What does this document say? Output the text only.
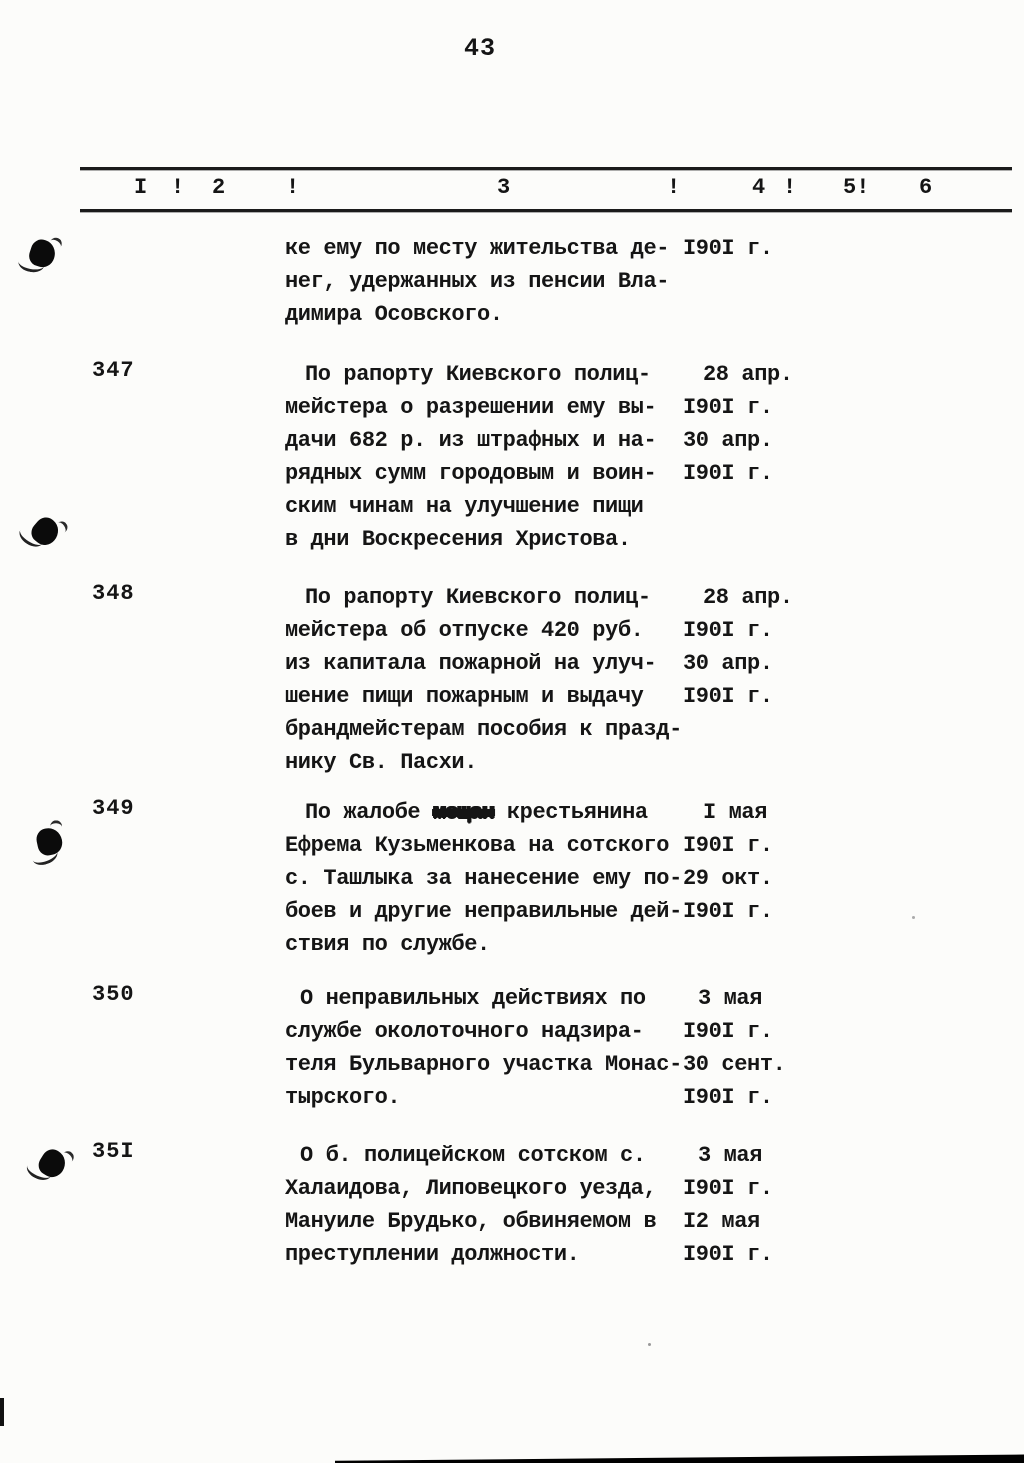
43
I ! 2	!	3	!	4 ! 5! 6
ке ему по месту жительства де- I90I г.
нег, удержанных из пенсии Вла-
димира Осовского.
347	По рапорту Киевского полиц- 28 апр.
мейстера о разрешении ему вы- I90I г.
дачи 682 р. из штрафных и на- 30 апр.
рядных сумм городовым и воин- I90I г.
ским чинам на улучшение пищи
в дни Воскресения Христова.
348	По рапорту Киевского полиц- 28 апр.
мейстера об отпуске 420 руб. I90I г.
из капитала пожарной на улуч- 30 апр.
шение пищи пожарным и выдачу I90I г.
брандмейстерам пособия к празд-
нику Св. Пасхи.
349	По жалобе мещан крестьянина	I мая
Ефрема Кузьменкова на сотского I90I г.
с. Ташлыка за нанесение ему по-29 окт.
боев и другие неправильные дей-I90I г.
ствия по службе.
350	О неправильных действиях по 3 мая
службе околоточного надзира- I90I г.
теля Бульварного участка Монас-30 сент.
тырского.	I90I г.
35I	О б. полицейском сотском с. 3 мая
Халаидова, Липовецкого уезда, I90I г.
Мануиле Брудько, обвиняемом в I2 мая
преступлении должности.	I90I г.
